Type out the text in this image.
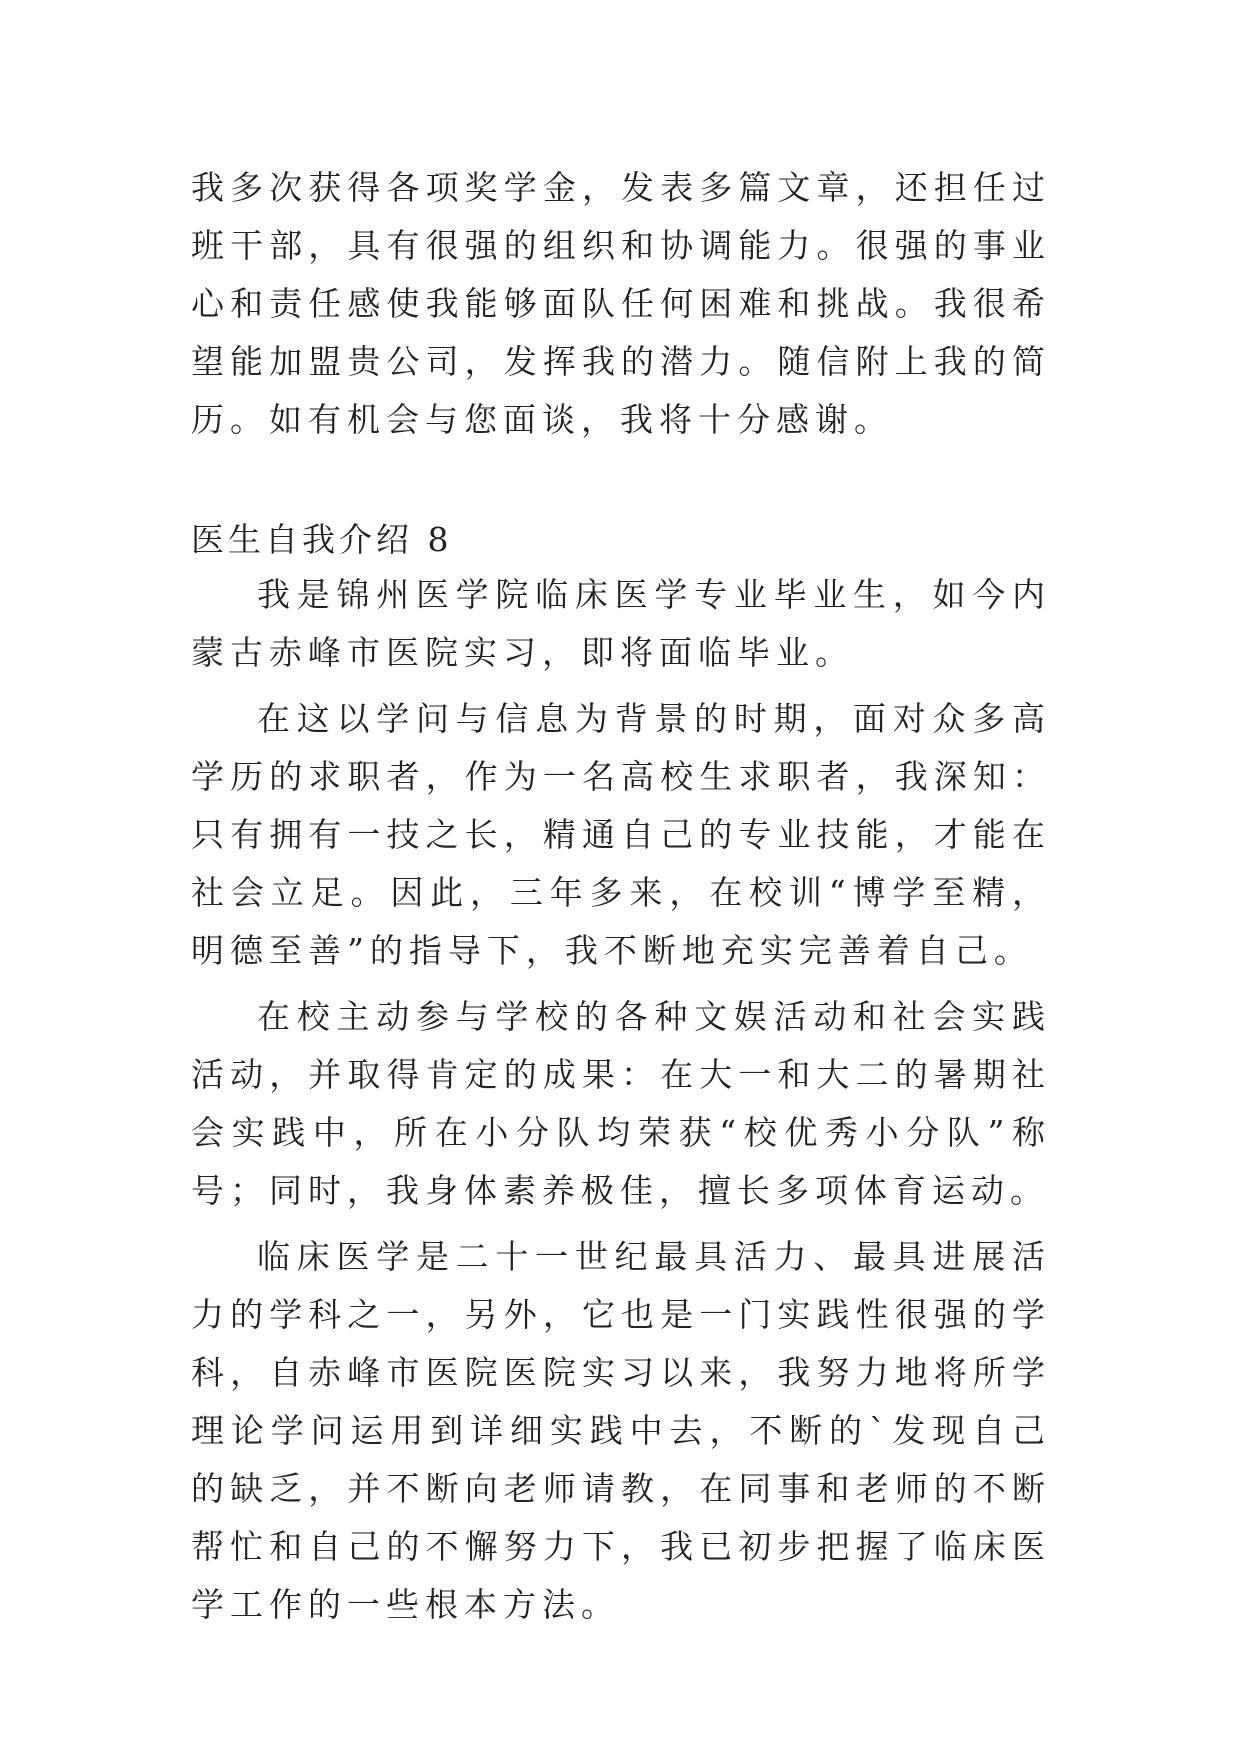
我多次获得各项奖学金，发表多篇文章，还担任过班干部，具有很强的组织和协调能力。很强的事业心和责任感使我能够面队任何困难和挑战。我很希望能加盟贵公司，发挥我的潜力。随信附上我的简历。如有机会与您面谈，我将十分感谢。

医生自我介绍 8

我是锦州医学院临床医学专业毕业生，如今内蒙古赤峰市医院实习，即将面临毕业。

在这以学问与信息为背景的时期，面对众多高学历的求职者，作为一名高校生求职者，我深知：只有拥有一技之长，精通自己的专业技能，才能在社会立足。因此，三年多来，在校训“博学至精，明德至善”的指导下，我不断地充实完善着自己。

在校主动参与学校的各种文娱活动和社会实践活动，并取得肯定的成果：在大一和大二的暑期社会实践中，所在小分队均荣获“校优秀小分队”称号；同时，我身体素养极佳，擅长多项体育运动。

临床医学是二十一世纪最具活力、最具进展活力的学科之一，另外，它也是一门实践性很强的学科，自赤峰市医院医院实习以来，我努力地将所学理论学问运用到详细实践中去，不断的`发现自己的缺乏，并不断向老师请教，在同事和老师的不断帮忙和自己的不懈努力下，我已初步把握了临床医学工作的一些根本方法。
